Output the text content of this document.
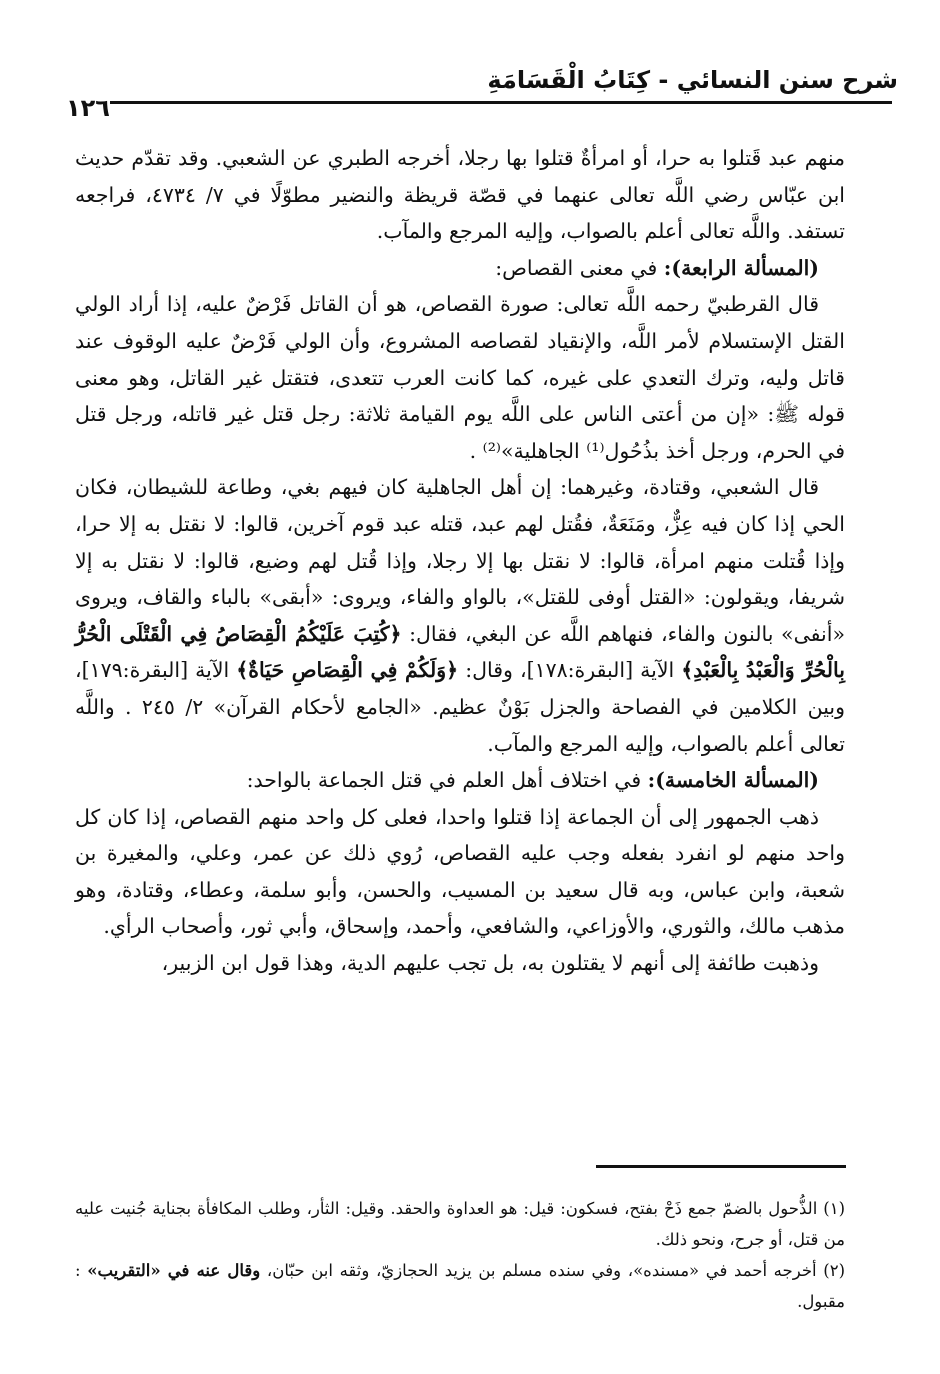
شرح سنن النسائي - كِتَابُ الْقَسَامَةِ
١٢٦

منهم عبد قَتلوا به حرا، أو امرأةٌ قتلوا بها رجلا، أخرجه الطبري عن الشعبي. وقد تقدّم حديث ابن عبّاس رضي اللَّه تعالى عنهما في قصّة قريظة والنضير مطوّلًا في ٧/ ٤٧٣٤، فراجعه تستفد. واللَّه تعالى أعلم بالصواب، وإليه المرجع والمآب.

(المسألة الرابعة): في معنى القصاص:

قال القرطبيّ رحمه اللَّه تعالى: صورة القصاص، هو أن القاتل فَرْضٌ عليه، إذا أراد الولي القتل الإستسلام لأمر اللَّه، والإنقياد لقصاصه المشروع، وأن الولي فَرْضٌ عليه الوقوف عند قاتل وليه، وترك التعدي على غيره، كما كانت العرب تتعدى، فتقتل غير القاتل، وهو معنى قوله ﷺ: «إن من أعتى الناس على اللَّه يوم القيامة ثلاثة: رجل قتل غير قاتله، ورجل قتل في الحرم، ورجل أخذ بذُحُول⁽¹⁾ الجاهلية»⁽²⁾ .

قال الشعبي، وقتادة، وغيرهما: إن أهل الجاهلية كان فيهم بغي، وطاعة للشيطان، فكان الحي إذا كان فيه عِزٌّ، ومَنَعَةٌ، فقُتل لهم عبد، قتله عبد قوم آخرين، قالوا: لا نقتل به إلا حرا، وإذا قُتلت منهم امرأة، قالوا: لا نقتل بها إلا رجلا، وإذا قُتل لهم وضيع، قالوا: لا نقتل به إلا شريفا، ويقولون: «القتل أوفى للقتل»، بالواو والفاء، ويروى: «أبقى» بالباء والقاف، ويروى «أنفى» بالنون والفاء، فنهاهم اللَّه عن البغي، فقال: ﴿كُتِبَ عَلَيْكُمُ الْقِصَاصُ فِي الْقَتْلَى الْحُرُّ بِالْحُرِّ وَالْعَبْدُ بِالْعَبْدِ﴾ الآية [البقرة:١٧٨]، وقال: ﴿وَلَكُمْ فِي الْقِصَاصِ حَيَاةٌ﴾ الآية [البقرة:١٧٩]، وبين الكلامين في الفصاحة والجزل بَوْنٌ عظيم. «الجامع لأحكام القرآن» ٢/ ٢٤٥ . واللَّه تعالى أعلم بالصواب، وإليه المرجع والمآب.

(المسألة الخامسة): في اختلاف أهل العلم في قتل الجماعة بالواحد:

ذهب الجمهور إلى أن الجماعة إذا قتلوا واحدا، فعلى كل واحد منهم القصاص، إذا كان كل واحد منهم لو انفرد بفعله وجب عليه القصاص، رُوي ذلك عن عمر، وعلي، والمغيرة بن شعبة، وابن عباس، وبه قال سعيد بن المسيب، والحسن، وأبو سلمة، وعطاء، وقتادة، وهو مذهب مالك، والثوري، والأوزاعي، والشافعي، وأحمد، وإسحاق، وأبي ثور، وأصحاب الرأي.

وذهبت طائفة إلى أنهم لا يقتلون به، بل تجب عليهم الدية، وهذا قول ابن الزبير،

(١) الذُّحول بالضمّ جمع ذَحْ بفتح، فسكون: قيل: هو العداوة والحقد. وقيل: الثأر، وطلب المكافأة بجناية جُنيت عليه من قتل، أو جرح، ونحو ذلك.

(٢) أخرجه أحمد في «مسنده»، وفي سنده مسلم بن يزيد الحجازيّ، وثقه ابن حبّان، وقال عنه في «التقريب» : مقبول.
